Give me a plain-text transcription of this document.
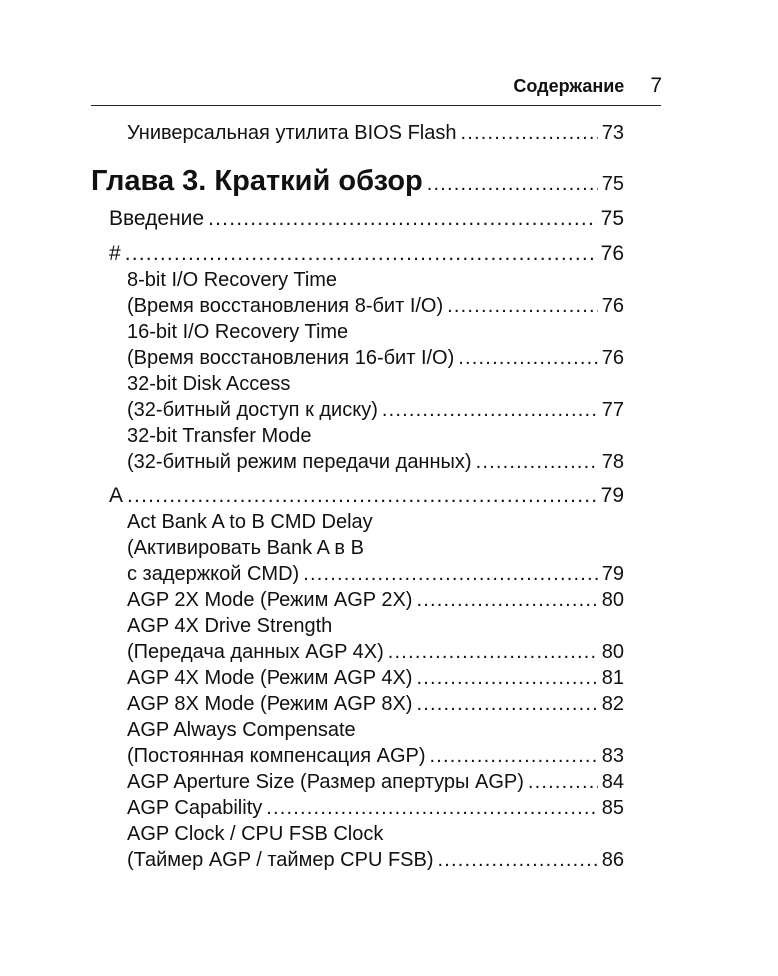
Содержание 7
Универсальная утилита BIOS Flash .....	73
Глава 3. Краткий обзор .....	75
Введение .....	75
# .....	76
8-bit I/O Recovery Time
(Время восстановления 8-бит I/O) .....	76
16-bit I/O Recovery Time
(Время восстановления 16-бит I/O) .....	76
32-bit Disk Access
(32-битный доступ к диску) .....	77
32-bit Transfer Mode
(32-битный режим передачи данных) .....	78
A .....	79
Act Bank A to B CMD Delay
(Активировать Bank A в B
с задержкой CMD) .....	79
AGP 2X Mode (Режим AGP 2X) .....	80
AGP 4X Drive Strength
(Передача данных AGP 4X) .....	80
AGP 4X Mode (Режим AGP 4X) .....	81
AGP 8X Mode (Режим AGP 8X) .....	82
AGP Always Compensate
(Постоянная компенсация AGP) .....	83
AGP Aperture Size (Размер апертуры AGP) .....	84
AGP Capability .....	85
AGP Clock / CPU FSB Clock
(Таймер AGP / таймер CPU FSB) .....	86
